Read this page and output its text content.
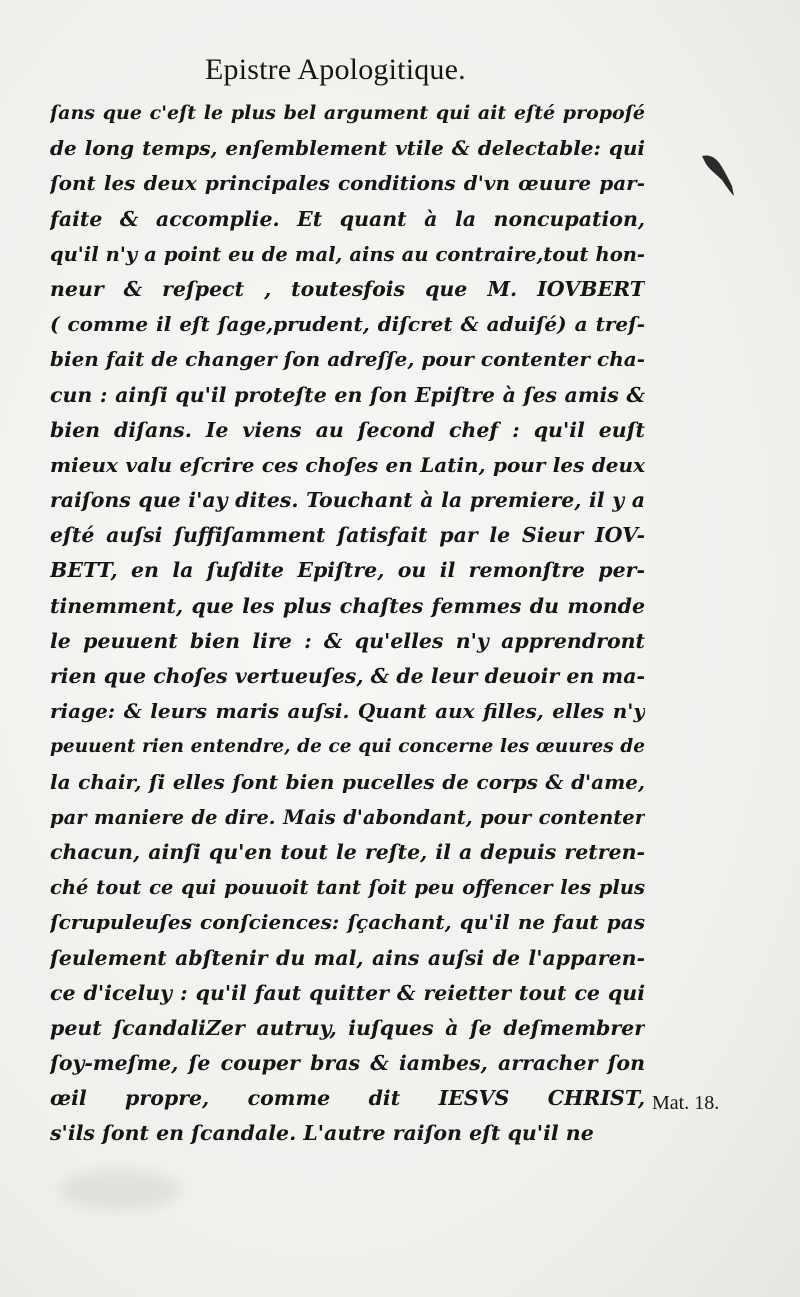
Epistre Apologitique.
ſans que c'eſt le plus bel argument qui ait eſté propoſé
de long temps, enſemblement vtile & delectable: qui
ſont les deux principales conditions d'vn œuure par-
faite & accomplie. Et quant à la noncupation,
qu'il n'y a point eu de mal, ains au contraire,tout hon-
neur & reſpect , toutesfois que M. IOVBERT
( comme il eſt ſage,prudent, diſcret & aduiſé) a treſ-
bien fait de changer ſon adreſſe, pour contenter cha-
cun : ainſi qu'il proteſte en ſon Epiſtre à ſes amis &
bien diſans. Ie viens au ſecond chef : qu'il euſt
mieux valu eſcrire ces choſes en Latin, pour les deux
raiſons que i'ay dites. Touchant à la premiere, il y a
eſté auſsi ſuffiſamment ſatisfait par le Sieur IOV-
BETT, en la ſuſdite Epiſtre, ou il remonſtre per-
tinemment, que les plus chaſtes femmes du monde
le peuuent bien lire : & qu'elles n'y apprendront
rien que choſes vertueuſes, & de leur deuoir en ma-
riage: & leurs maris auſsi. Quant aux filles, elles n'y
peuuent rien entendre, de ce qui concerne les œuures de
la chair, ſi elles ſont bien pucelles de corps & d'ame,
par maniere de dire. Mais d'abondant, pour contenter
chacun, ainſi qu'en tout le reſte, il a depuis retren-
ché tout ce qui pouuoit tant ſoit peu offencer les plus
ſcrupuleuſes conſciences: ſçachant, qu'il ne faut pas
ſeulement abſtenir du mal, ains auſsi de l'apparen-
ce d'iceluy : qu'il faut quitter & reietter tout ce qui
peut ſcandaliZer autruy, iuſques à ſe deſmembrer
ſoy-meſme, ſe couper bras & iambes, arracher ſon
œil propre, comme dit IESVS CHRIST,
s'ils ſont en ſcandale. L'autre raiſon eſt qu'il ne
Mat. 18.
